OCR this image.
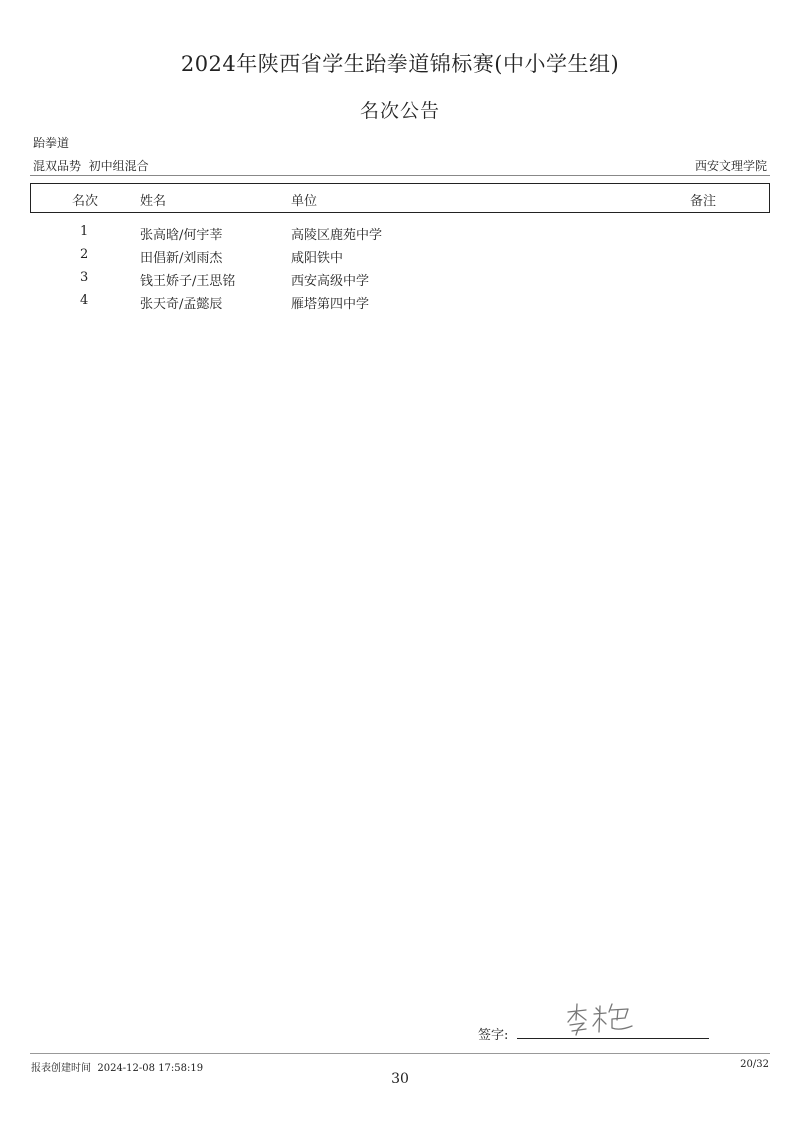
2024年陕西省学生跆拳道锦标赛(中小学生组)
名次公告
跆拳道
混双品势  初中组混合	西安文理学院
名次	姓名	单位	备注
1	张高晗/何宇莘	高陵区鹿苑中学
2	田倡新/刘雨杰	咸阳铁中
3	钱王娇子/王思铭	西安高级中学
4	张天奇/孟懿辰	雁塔第四中学
签字:
报表创建时间  2024-12-08 17:58:19	20/32
30
